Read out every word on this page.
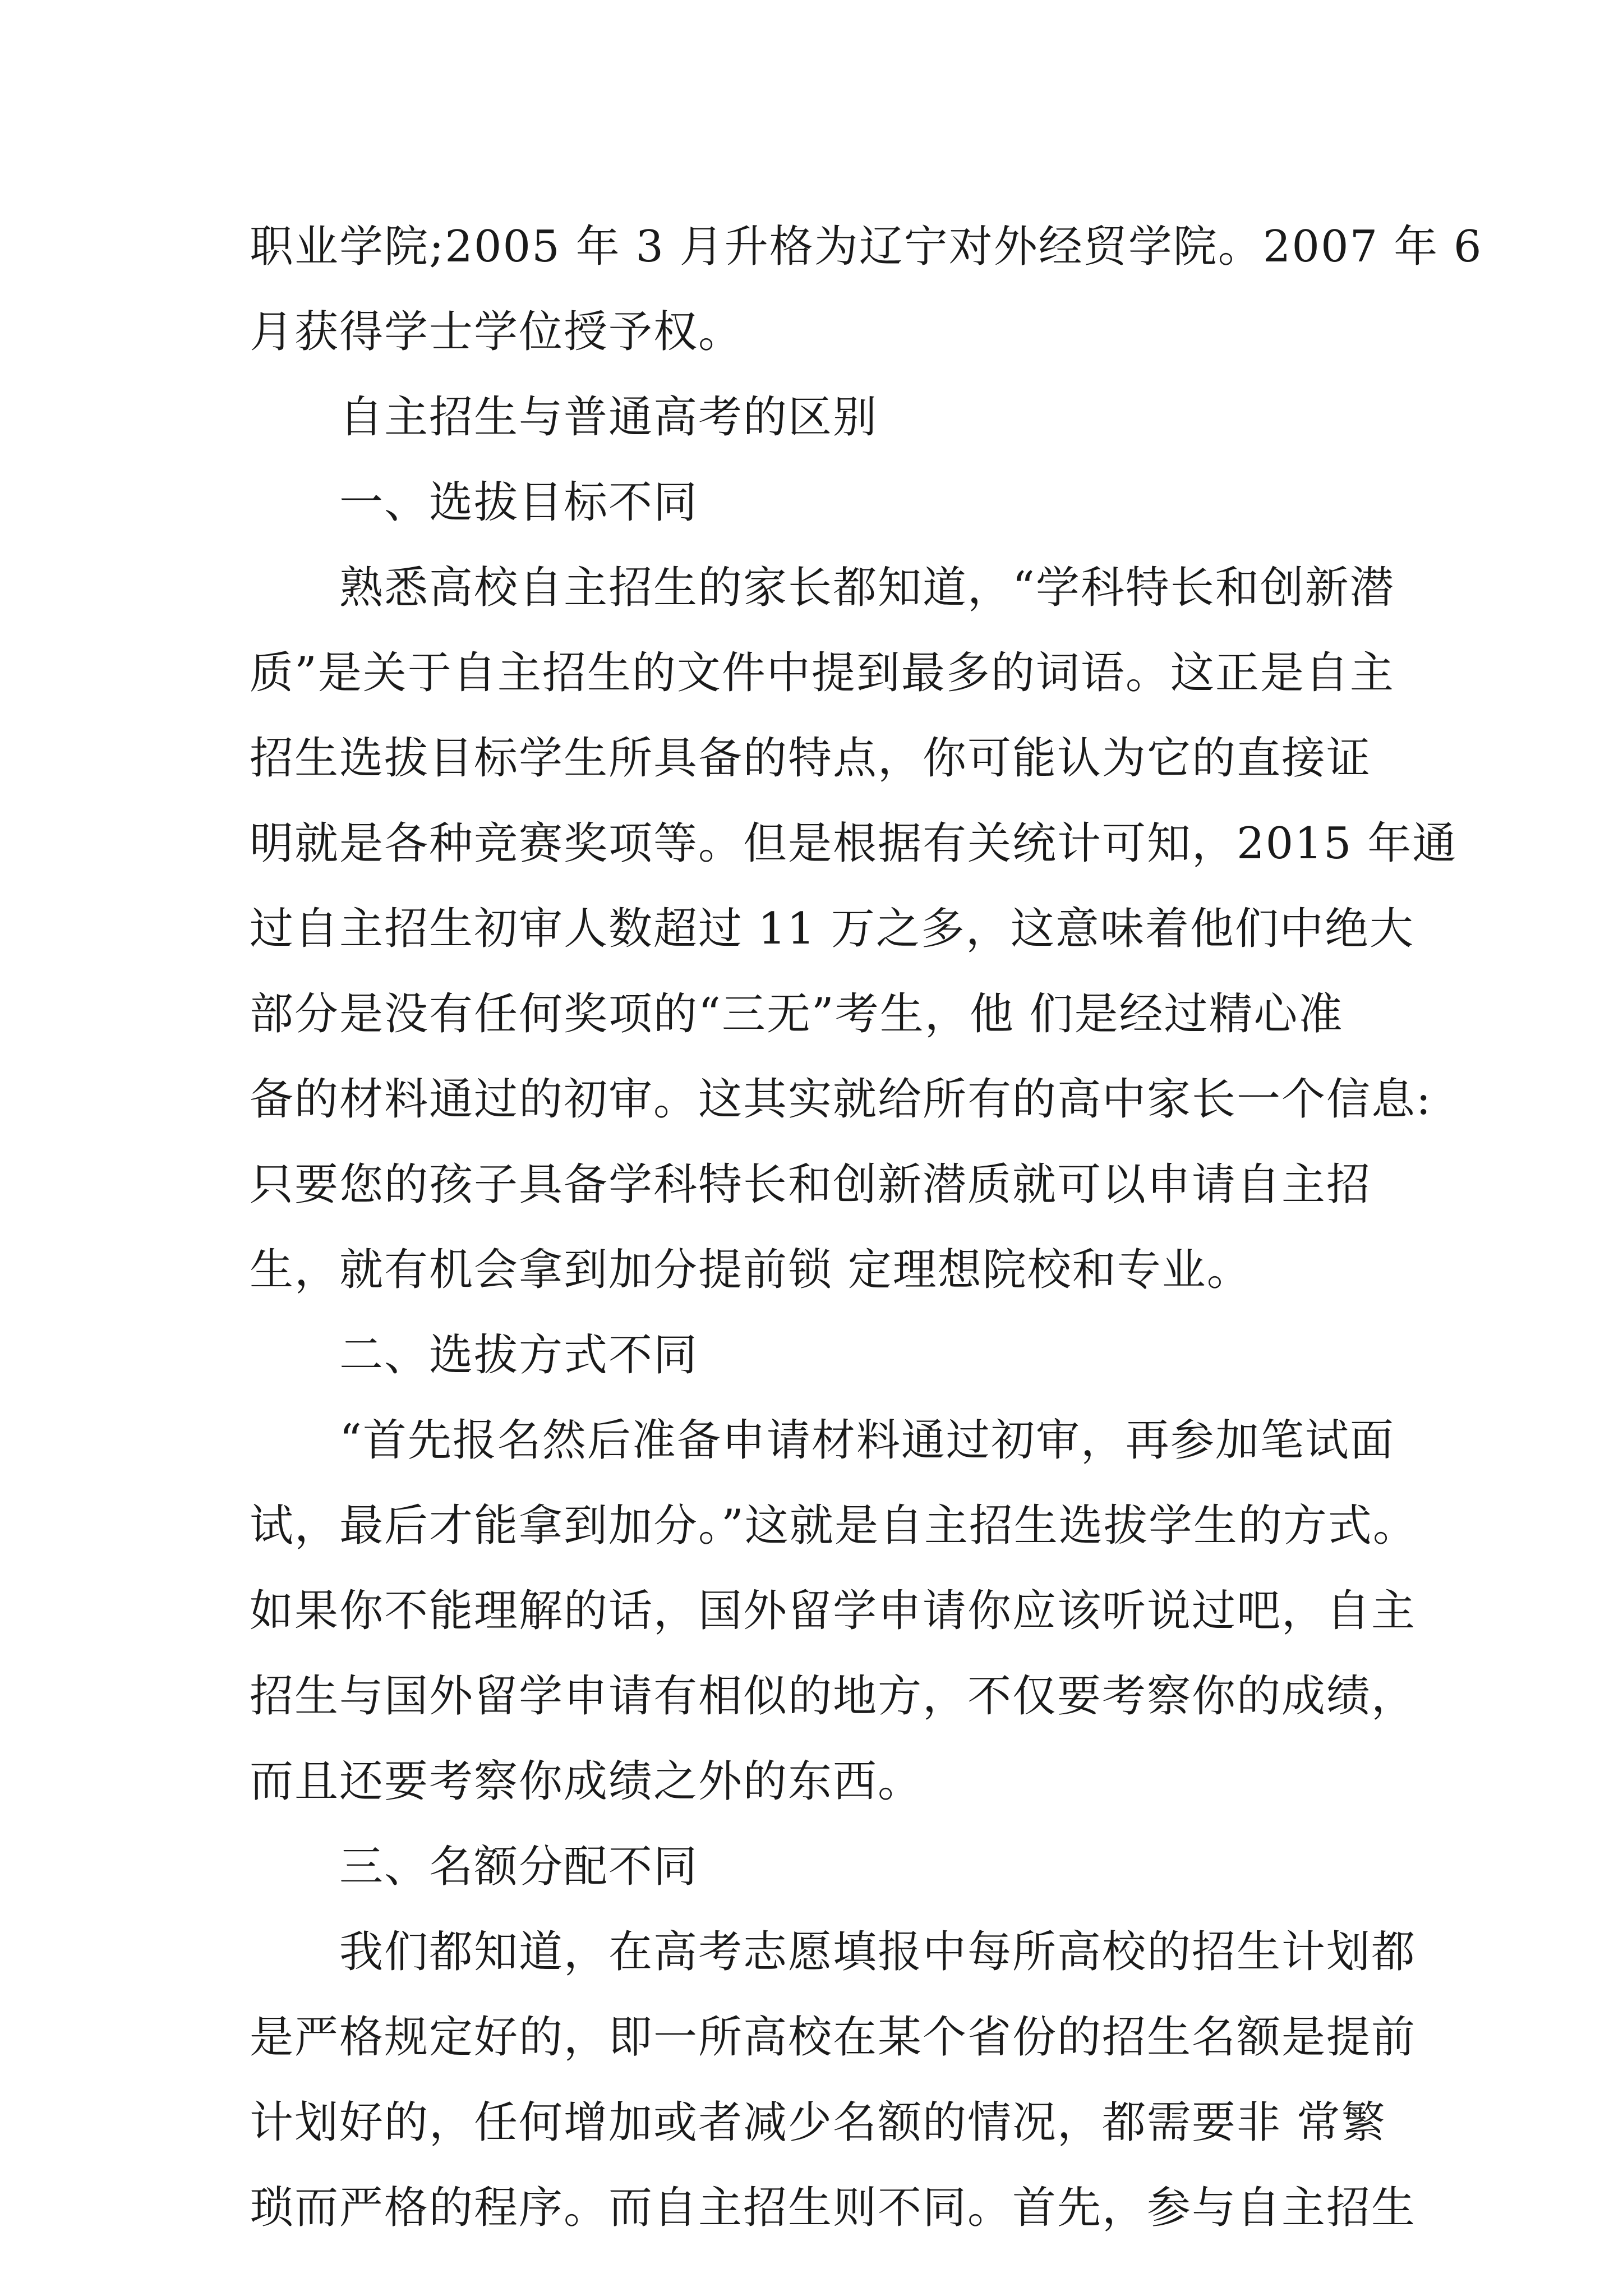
职业学院;2005 年 3 月升格为辽宁对外经贸学院。2007 年 6
月获得学士学位授予权。
自主招生与普通高考的区别
一、选拔目标不同
熟悉高校自主招生的家长都知道，“学科特长和创新潜
质”是关于自主招生的文件中提到最多的词语。这正是自主
招生选拔目标学生所具备的特点，你可能认为它的直接证
明就是各种竞赛奖项等。但是根据有关统计可知，2015 年通
过自主招生初审人数超过 11 万之多，这意味着他们中绝大
部分是没有任何奖项的“三无”考生，他 们是经过精心准
备的材料通过的初审。这其实就给所有的高中家长一个信息:
只要您的孩子具备学科特长和创新潜质就可以申请自主招
生，就有机会拿到加分提前锁 定理想院校和专业。
二、选拔方式不同
“首先报名然后准备申请材料通过初审，再参加笔试面
试，最后才能拿到加分。”这就是自主招生选拔学生的方式。
如果你不能理解的话，国外留学申请你应该听说过吧，自主
招生与国外留学申请有相似的地方，不仅要考察你的成绩，
而且还要考察你成绩之外的东西。
三、名额分配不同
我们都知道，在高考志愿填报中每所高校的招生计划都
是严格规定好的，即一所高校在某个省份的招生名额是提前
计划好的，任何增加或者减少名额的情况，都需要非 常繁
琐而严格的程序。而自主招生则不同。首先，参与自主招生
